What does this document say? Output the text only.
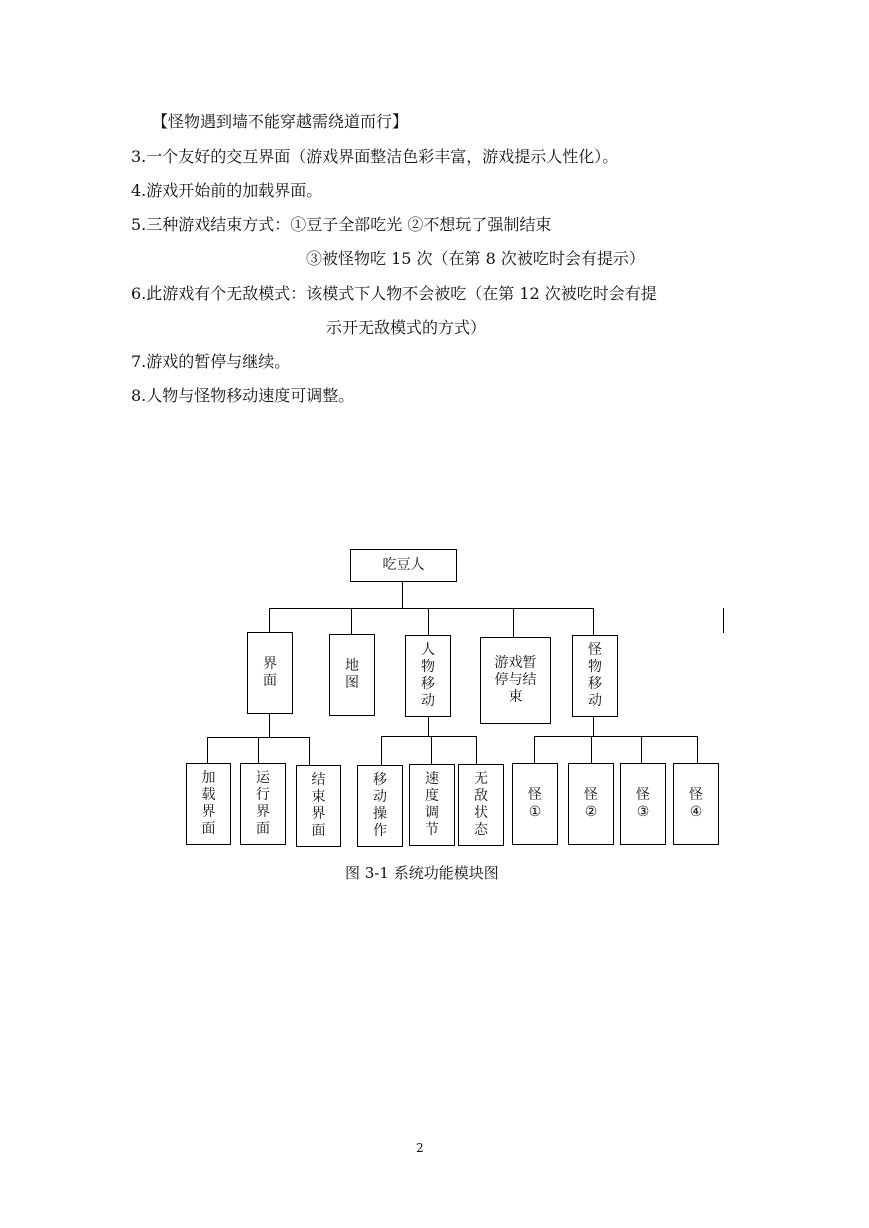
【怪物遇到墙不能穿越需绕道而行】
3.一个友好的交互界面（游戏界面整洁色彩丰富，游戏提示人性化）。
4.游戏开始前的加载界面。
5.三种游戏结束方式：①豆子全部吃光 ②不想玩了强制结束
③被怪物吃 15 次（在第 8 次被吃时会有提示）
6.此游戏有个无敌模式：该模式下人物不会被吃（在第 12 次被吃时会有提
示开无敌模式的方式）
7.游戏的暂停与继续。
8.人物与怪物移动速度可调整。
吃豆人
界
面
地
图
人
物
移
动
游戏暂
停与结
束
怪
物
移
动
加
载
界
面
运
行
界
面
结
束
界
面
移
动
操
作
速
度
调
节
无
敌
状
态
怪
①
怪
②
怪
③
怪
④
图 3-1 系统功能模块图
2
